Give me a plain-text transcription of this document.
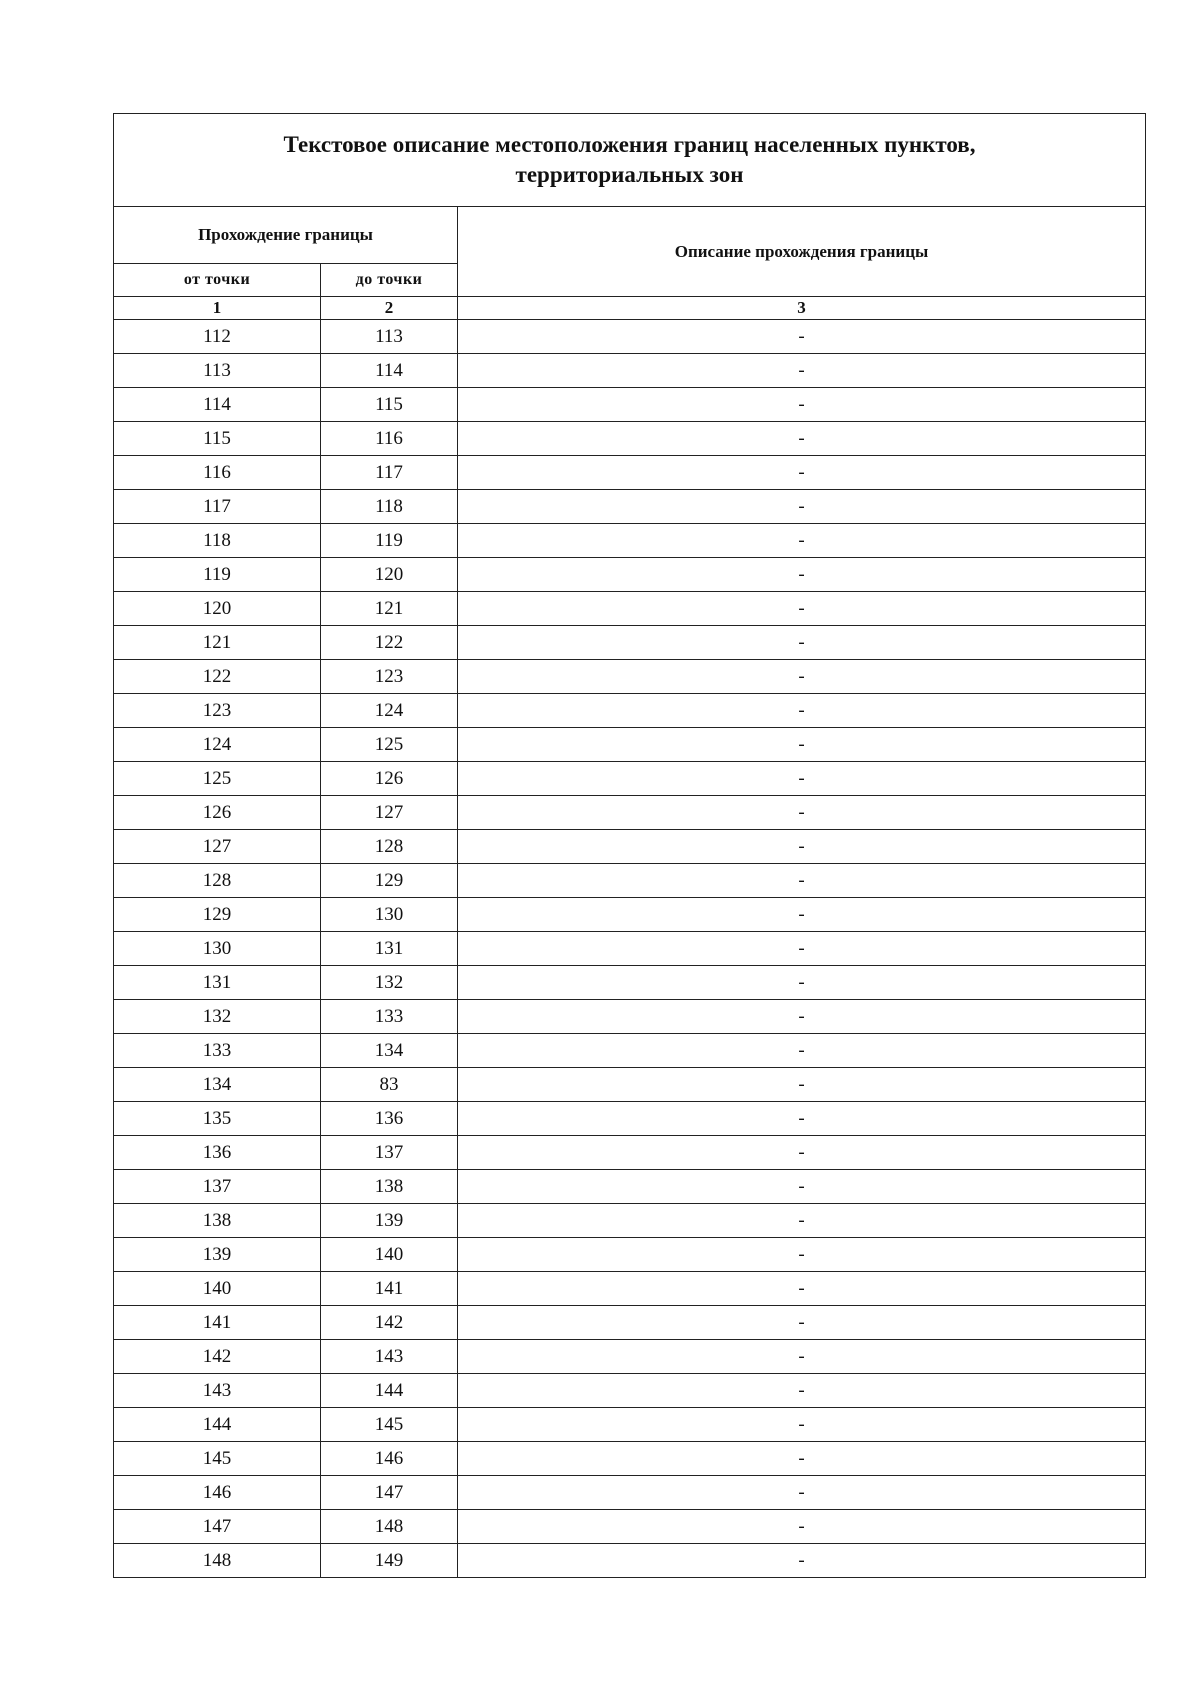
Текстовое описание местоположения границ населенных пунктов,
территориальных зон		

Прохождение границы		Описание прохождения границы
от точки	до точки	
1	2	3
112	113	-
113	114	-
114	115	-
115	116	-
116	117	-
117	118	-
118	119	-
119	120	-
120	121	-
121	122	-
122	123	-
123	124	-
124	125	-
125	126	-
126	127	-
127	128	-
128	129	-
129	130	-
130	131	-
131	132	-
132	133	-
133	134	-
134	83	-
135	136	-
136	137	-
137	138	-
138	139	-
139	140	-
140	141	-
141	142	-
142	143	-
143	144	-
144	145	-
145	146	-
146	147	-
147	148	-
148	149	-
